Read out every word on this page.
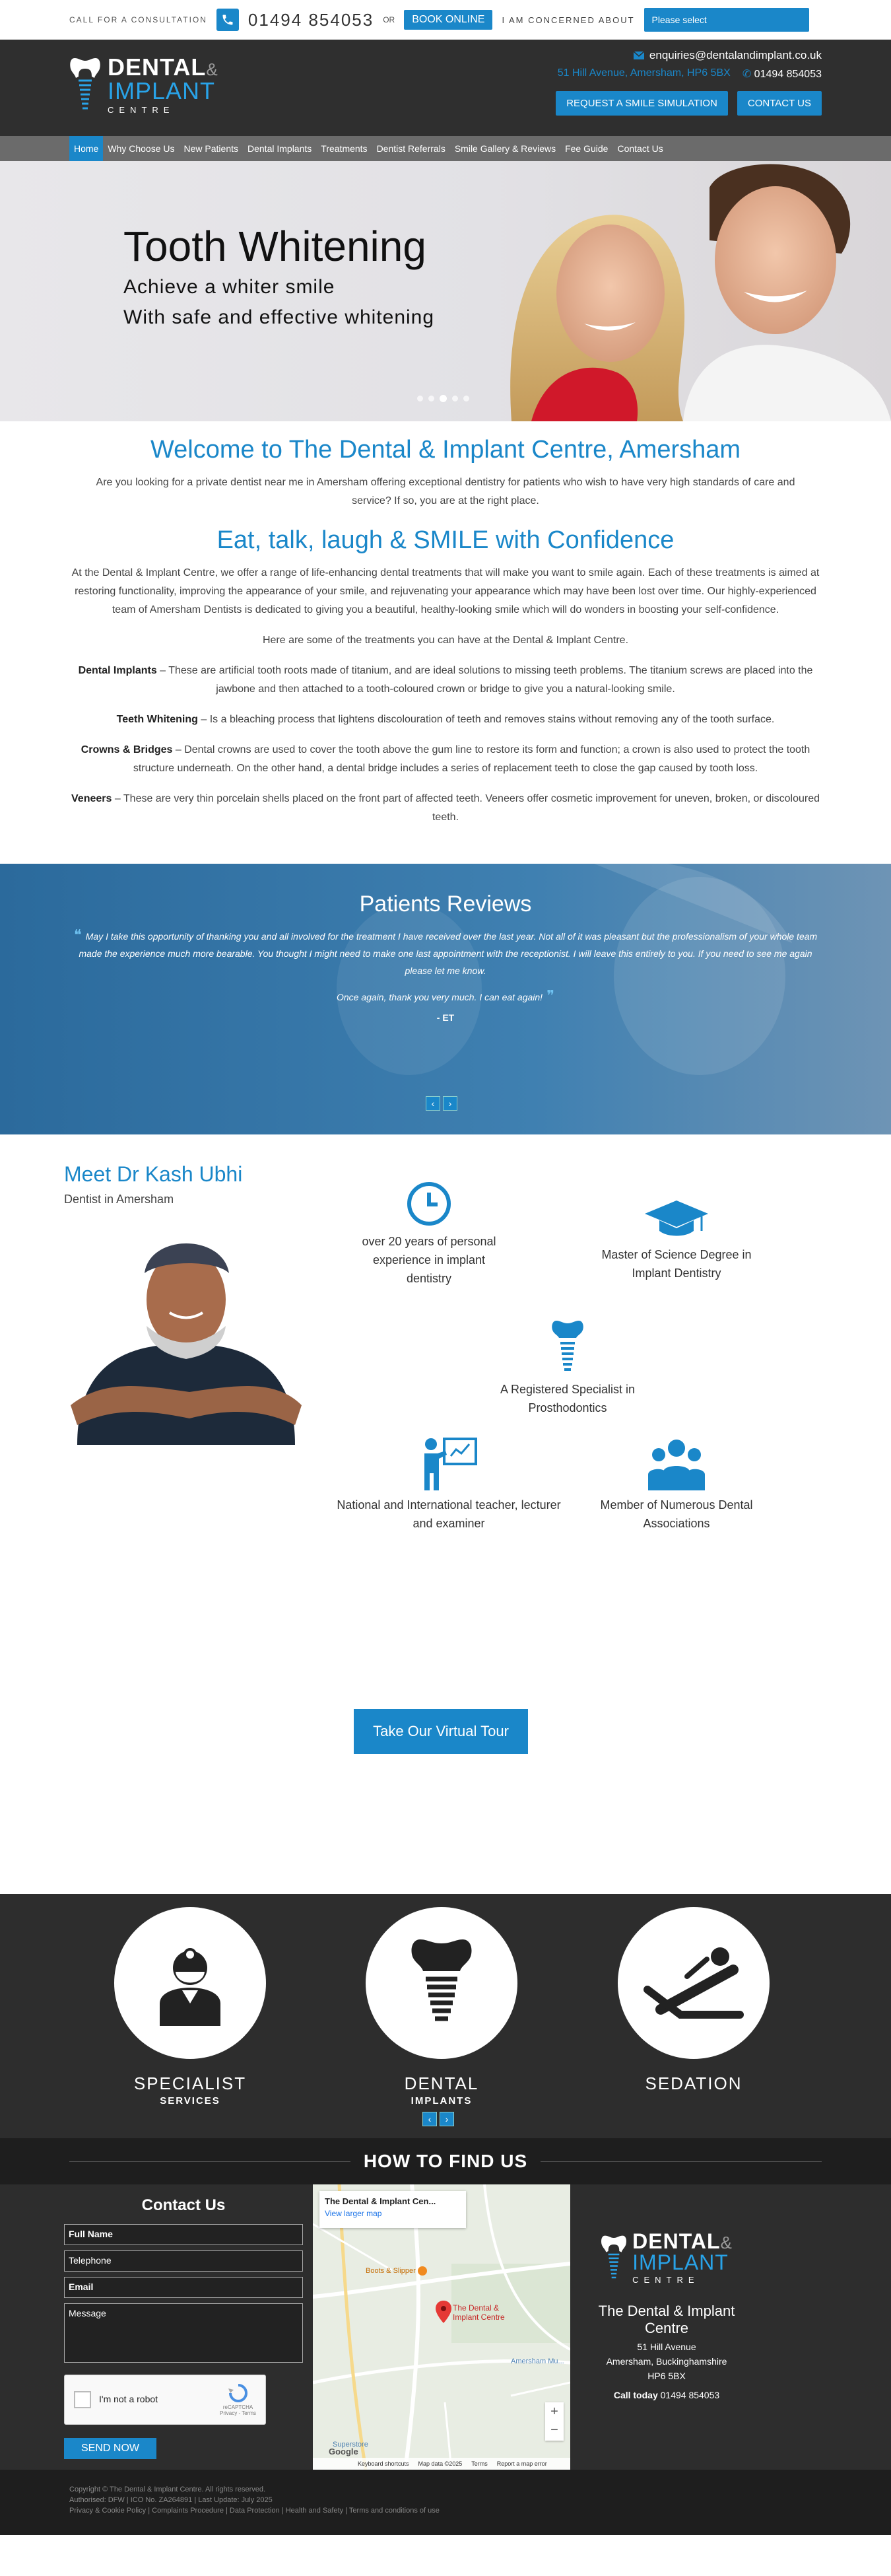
CALL FOR A CONSULTATION 01494 854053 OR	BOOK ONLINE	I AM CONCERNED ABOUT	Please select
DENTAL&
IMPLANT
CENTRE
enquiries@dentalandimplant.co.uk
51 Hill Avenue, Amersham, HP6 5BX ✆ 01494 854053
REQUEST A SMILE SIMULATION	CONTACT US
Home	Why Choose Us	New Patients	Dental Implants	Treatments	Dentist Referrals	Smile Gallery & Reviews	Fee Guide	Contact Us
Tooth Whitening
Achieve a whiter smile
With safe and effective whitening
Welcome to The Dental & Implant Centre, Amersham

Are you looking for a private dentist near me in Amersham offering exceptional dentistry for patients who wish to have very high standards of care and service? If so, you are at the right place.

Eat, talk, laugh & SMILE with Confidence

At the Dental & Implant Centre, we offer a range of life-enhancing dental treatments that will make you want to smile again. Each of these treatments is aimed at restoring functionality, improving the appearance of your smile, and rejuvenating your appearance which may have been lost over time. Our highly-experienced team of Amersham Dentists is dedicated to giving you a beautiful, healthy-looking smile which will do wonders in boosting your self-confidence.

Here are some of the treatments you can have at the Dental & Implant Centre.

Dental Implants – These are artificial tooth roots made of titanium, and are ideal solutions to missing teeth problems. The titanium screws are placed into the jawbone and then attached to a tooth-coloured crown or bridge to give you a natural-looking smile.

Teeth Whitening – Is a bleaching process that lightens discolouration of teeth and removes stains without removing any of the tooth surface.

Crowns & Bridges – Dental crowns are used to cover the tooth above the gum line to restore its form and function; a crown is also used to protect the tooth structure underneath. On the other hand, a dental bridge includes a series of replacement teeth to close the gap caused by tooth loss.

Veneers – These are very thin porcelain shells placed on the front part of affected teeth. Veneers offer cosmetic improvement for uneven, broken, or discoloured teeth.

Patients Reviews

❝ May I take this opportunity of thanking you and all involved for the treatment I have received over the last year. Not all of it was pleasant but the professionalism of your whole team made the experience much more bearable. You thought I might need to make one last appointment with the receptionist. I will leave this entirely to you. If you need to see me again please let me know.

Once again, thank you very much. I can eat again! ❞

- ET

‹	›
Meet Dr Kash Ubhi
Dentist in Amersham
over 20 years of personal experience in implant dentistry
Master of Science Degree in Implant Dentistry
A Registered Specialist in Prosthodontics
National and International teacher, lecturer and examiner
Member of Numerous Dental Associations
Take Our Virtual Tour
SPECIALIST
SERVICES
DENTAL
IMPLANTS
SEDATION
‹	›
HOW TO FIND US
Contact Us
Full Name
Telephone
Email
Message
I'm not a robot
reCAPTCHA
Privacy - Terms
SEND NOW
The Dental & Implant Cen...
View larger map
The Dental & Implant Centre
Boots & Slipper
Amersham Mu...
Superstore
+
−
Google
Keyboard shortcuts Map data ©2025 Terms Report a map error
DENTAL&
IMPLANT
CENTRE
The Dental & Implant Centre
51 Hill Avenue
Amersham, Buckinghamshire
HP6 5BX
Call today 01494 854053
Copyright © The Dental & Implant Centre. All rights reserved.
Authorised: DFW | ICO No. ZA264891 | Last Update: July 2025
Privacy & Cookie Policy | Complaints Procedure | Data Protection | Health and Safety | Terms and conditions of use
